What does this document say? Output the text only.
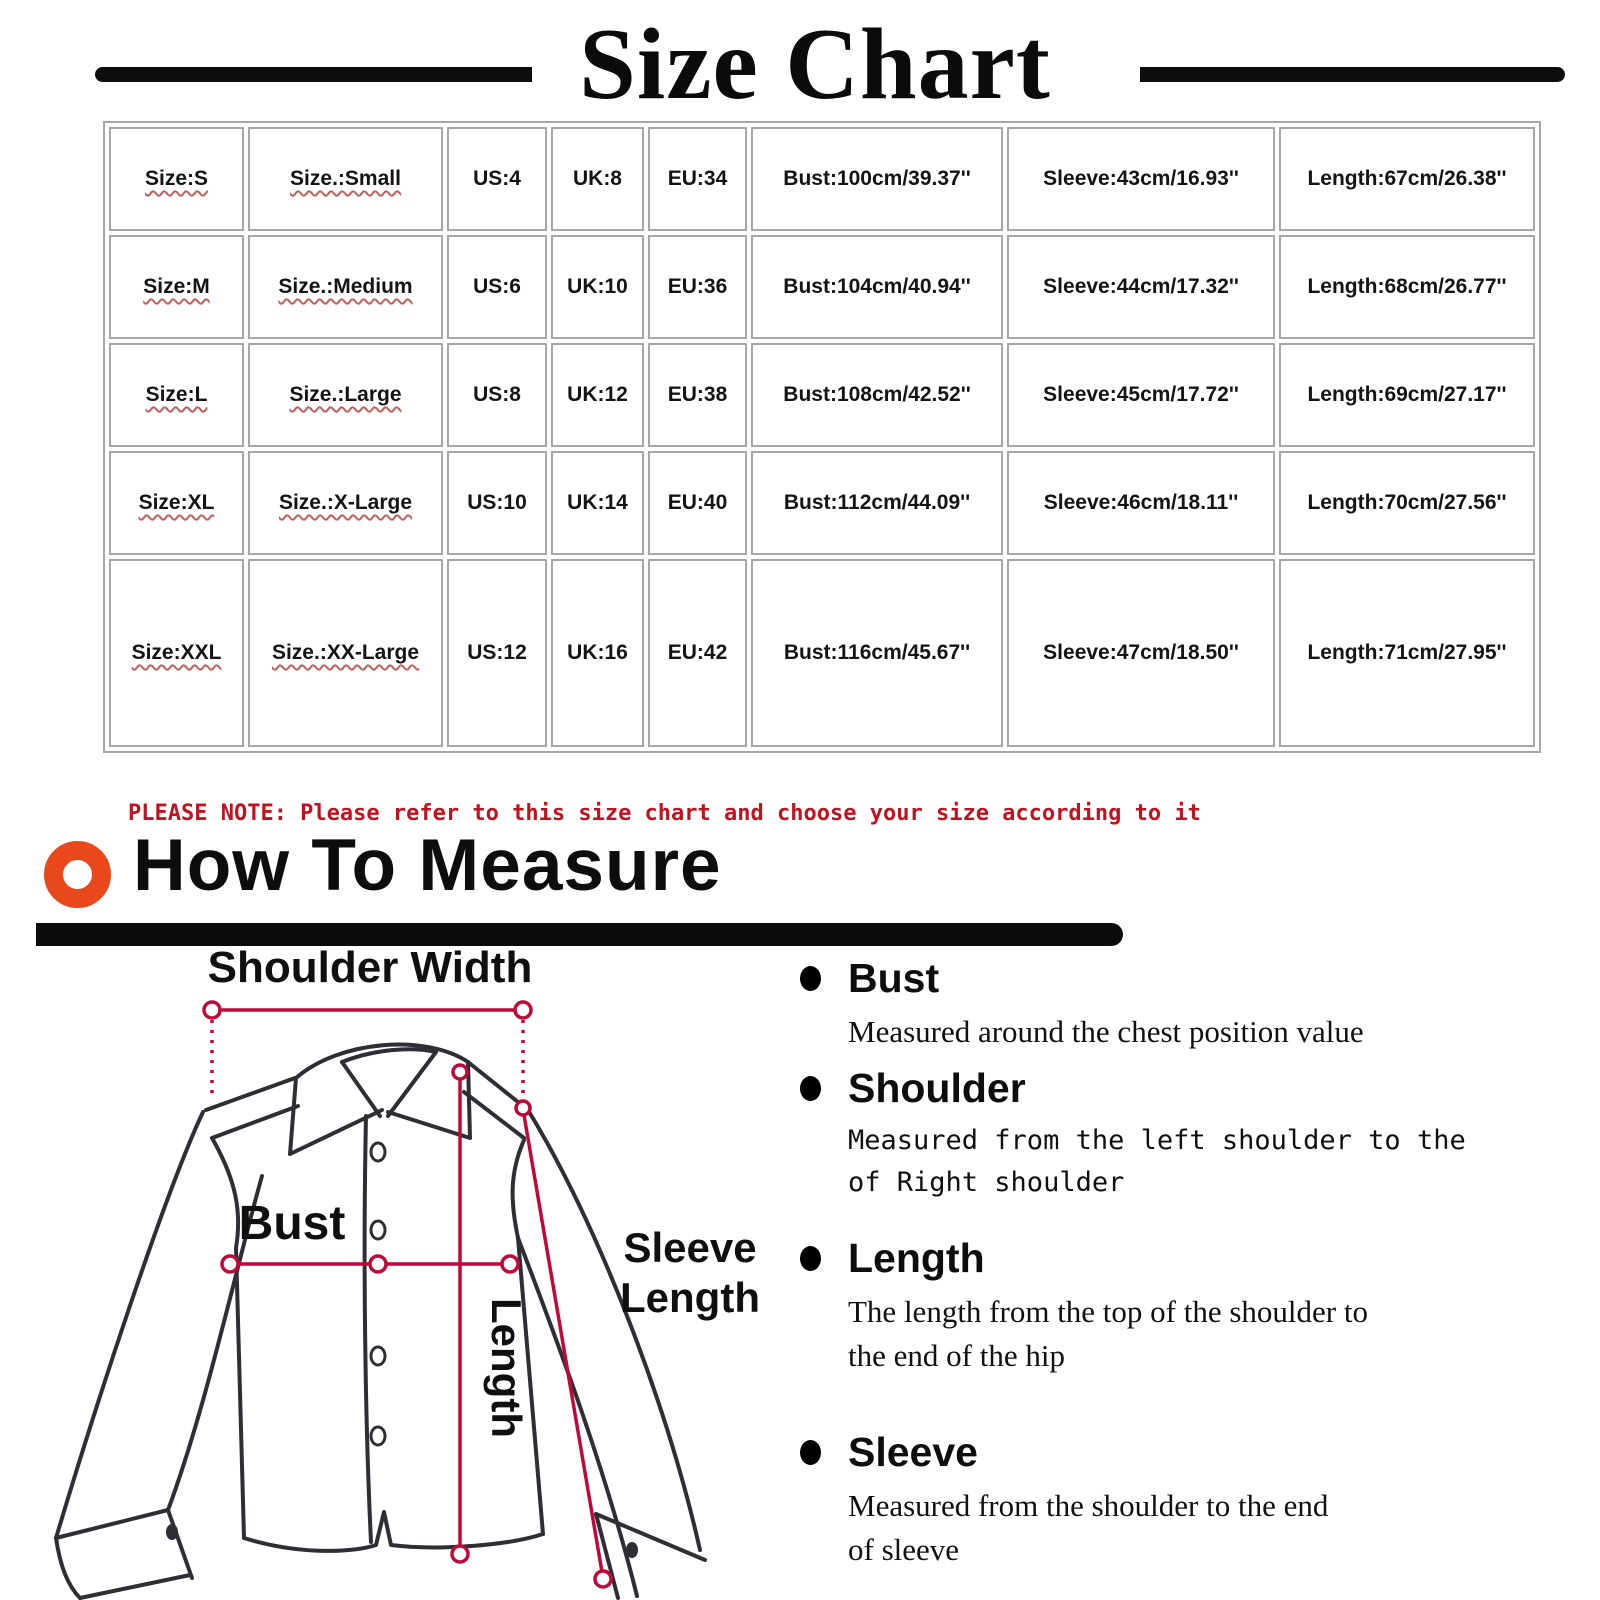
Size Chart
Size:S	Size.:Small	US:4	UK:8	EU:34	Bust:100cm/39.37''	Sleeve:43cm/16.93''	Length:67cm/26.38''
Size:M	Size.:Medium	US:6	UK:10	EU:36	Bust:104cm/40.94''	Sleeve:44cm/17.32''	Length:68cm/26.77''
Size:L	Size.:Large	US:8	UK:12	EU:38	Bust:108cm/42.52''	Sleeve:45cm/17.72''	Length:69cm/27.17''
Size:XL	Size.:X-Large	US:10	UK:14	EU:40	Bust:112cm/44.09''	Sleeve:46cm/18.11''	Length:70cm/27.56''
Size:XXL	Size.:XX-Large	US:12	UK:16	EU:42	Bust:116cm/45.67''	Sleeve:47cm/18.50''	Length:71cm/27.95''
PLEASE NOTE: Please refer to this size chart and choose your size according to it
How To Measure
Shoulder Width
Bust	Sleeve
Length
Length
Bust
Measured around the chest position value
Shoulder
Measured from the left shoulder to the
of Right shoulder
Length
The length from the top of the shoulder to
the end of the hip
Sleeve
Measured from the shoulder to the end
of sleeve
